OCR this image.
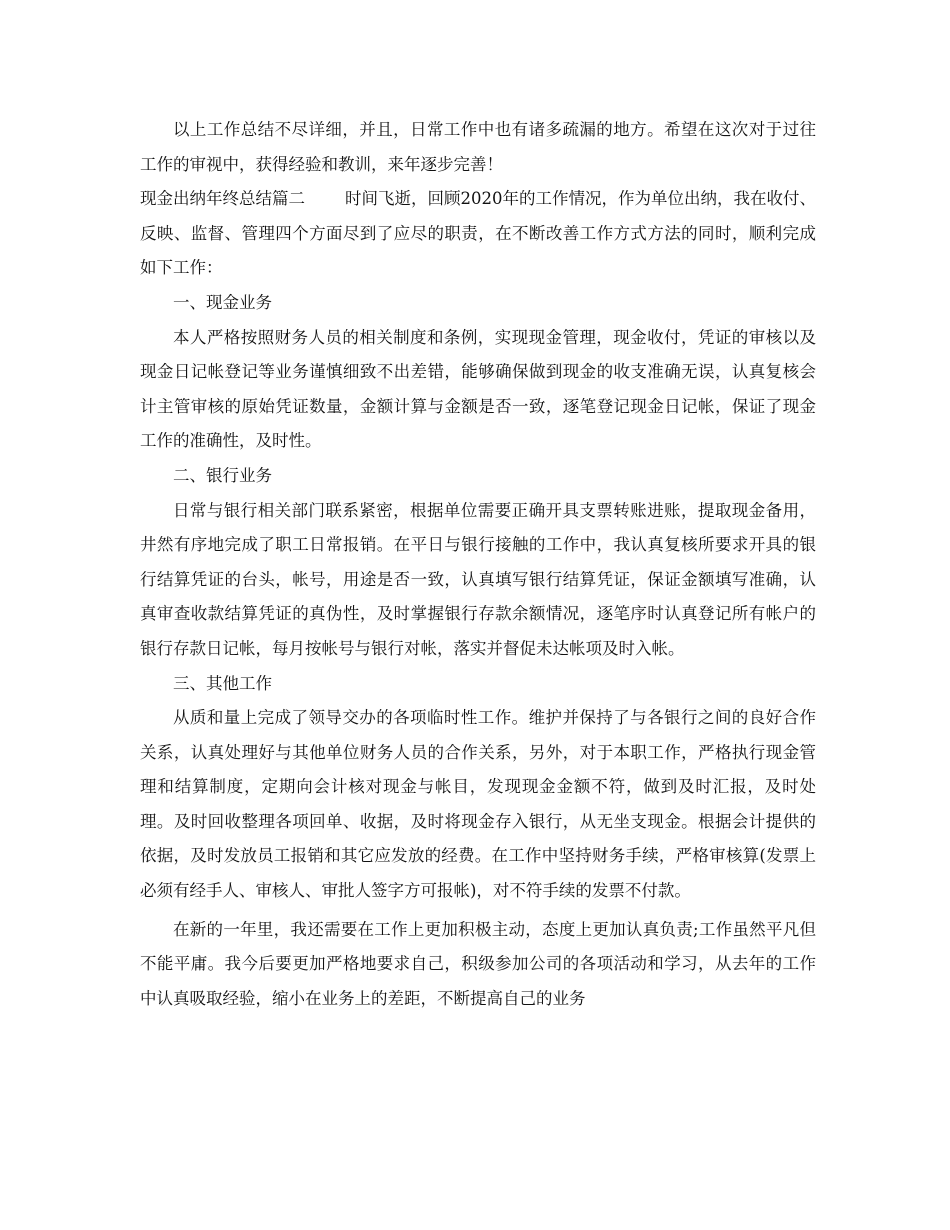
以上工作总结不尽详细，并且，日常工作中也有诸多疏漏的地方。希望在这次对于过往工作的审视中，获得经验和教训，来年逐步完善！

现金出纳年终总结篇二 时间飞逝，回顾2020年的工作情况，作为单位出纳，我在收付、反映、监督、管理四个方面尽到了应尽的职责，在不断改善工作方式方法的同时，顺利完成如下工作：

一、现金业务

本人严格按照财务人员的相关制度和条例，实现现金管理，现金收付，凭证的审核以及现金日记帐登记等业务谨慎细致不出差错，能够确保做到现金的收支准确无误，认真复核会计主管审核的原始凭证数量，金额计算与金额是否一致，逐笔登记现金日记帐，保证了现金工作的准确性，及时性。

二、银行业务

日常与银行相关部门联系紧密，根据单位需要正确开具支票转账进账，提取现金备用，井然有序地完成了职工日常报销。在平日与银行接触的工作中，我认真复核所要求开具的银行结算凭证的台头，帐号，用途是否一致，认真填写银行结算凭证，保证金额填写准确，认真审查收款结算凭证的真伪性，及时掌握银行存款余额情况，逐笔序时认真登记所有帐户的银行存款日记帐，每月按帐号与银行对帐，落实并督促未达帐项及时入帐。

三、其他工作

从质和量上完成了领导交办的各项临时性工作。维护并保持了与各银行之间的良好合作关系，认真处理好与其他单位财务人员的合作关系，另外，对于本职工作，严格执行现金管理和结算制度，定期向会计核对现金与帐目，发现现金金额不符，做到及时汇报，及时处理。及时回收整理各项回单、收据，及时将现金存入银行，从无坐支现金。根据会计提供的依据，及时发放员工报销和其它应发放的经费。在工作中坚持财务手续，严格审核算(发票上必须有经手人、审核人、审批人签字方可报帐)，对不符手续的发票不付款。

在新的一年里，我还需要在工作上更加积极主动，态度上更加认真负责;工作虽然平凡但不能平庸。我今后要更加严格地要求自己，积级参加公司的各项活动和学习，从去年的工作中认真吸取经验，缩小在业务上的差距，不断提高自己的业务
